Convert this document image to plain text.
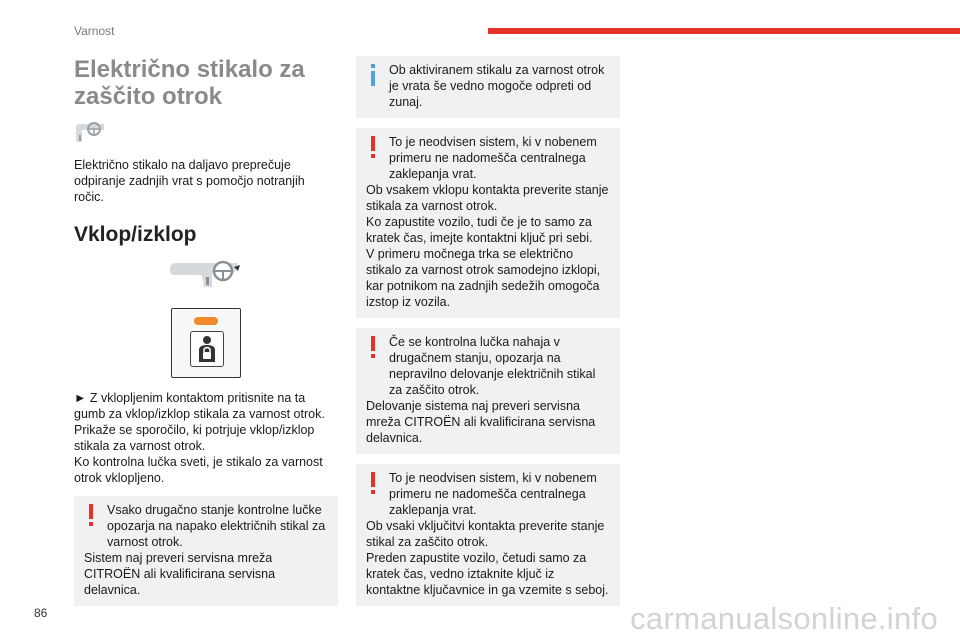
Varnost
Električno stikalo za
zaščito otrok
Električno stikalo na daljavo preprečuje odpiranje zadnjih vrat s pomočjo notranjih ročic.
Vklop/izklop

► Z vklopljenim kontaktom pritisnite na ta gumb za vklop/izklop stikala za varnost otrok.

Prikaže se sporočilo, ki potrjuje vklop/izklop stikala za varnost otrok.

Ko kontrolna lučka sveti, je stikalo za varnost otrok vklopljeno.

Vsako drugačno stanje kontrolne lučke opozarja na napako električnih stikal za varnost otrok.

Sistem naj preveri servisna mreža CITROËN ali kvalificirana servisna delavnica.

Ob aktiviranem stikalu za varnost otrok je vrata še vedno mogoče odpreti od zunaj.

To je neodvisen sistem, ki v nobenem primeru ne nadomešča centralnega zaklepanja vrat.

Ob vsakem vklopu kontakta preverite stanje stikala za varnost otrok.

Ko zapustite vozilo, tudi če je to samo za kratek čas, imejte kontaktni ključ pri sebi.

V primeru močnega trka se električno stikalo za varnost otrok samodejno izklopi, kar potnikom na zadnjih sedežih omogoča izstop iz vozila.

Če se kontrolna lučka nahaja v drugačnem stanju, opozarja na nepravilno delovanje električnih stikal za zaščito otrok.

Delovanje sistema naj preveri servisna mreža CITROËN ali kvalificirana servisna delavnica.

To je neodvisen sistem, ki v nobenem primeru ne nadomešča centralnega zaklepanja vrat.

Ob vsaki vključitvi kontakta preverite stanje stikal za zaščito otrok.

Preden zapustite vozilo, četudi samo za kratek čas, vedno iztaknite ključ iz kontaktne ključavnice in ga vzemite s seboj.

86	carmanualsonline.info
